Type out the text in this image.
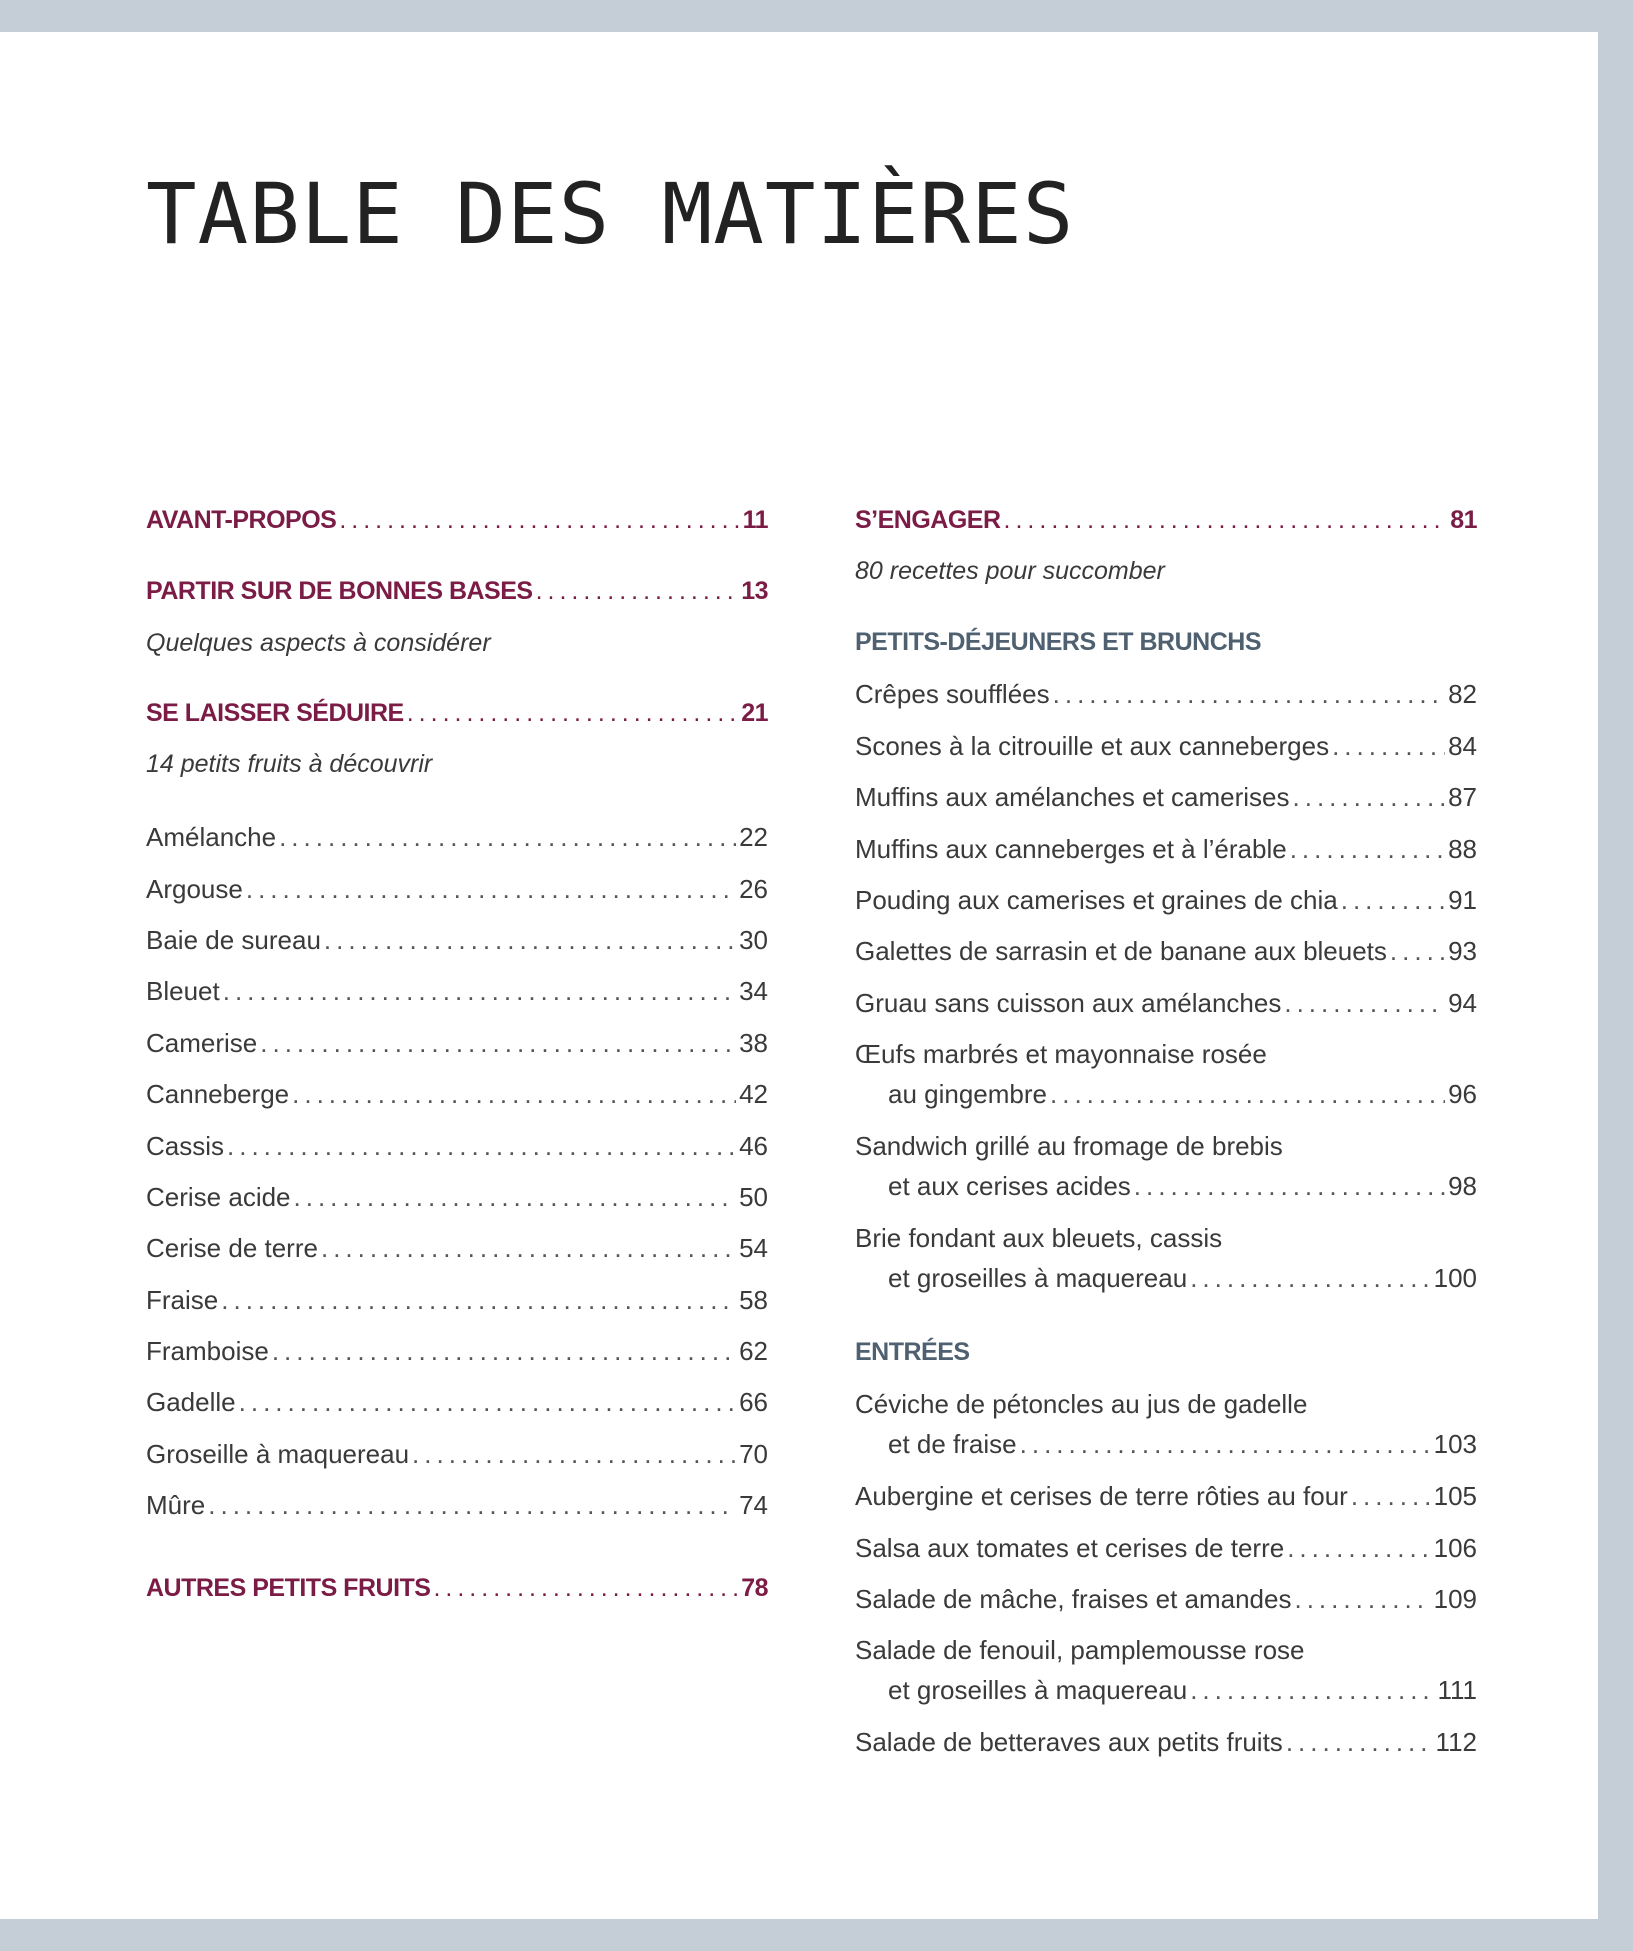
TABLE DES MATIÈRES
AVANT-PROPOS .....	11
PARTIR SUR DE BONNES BASES .....	13
Quelques aspects à considérer
SE LAISSER SÉDUIRE .....	21
14 petits fruits à découvrir
Amélanche .....	22
Argouse .....	26
Baie de sureau .....	30
Bleuet .....	34
Camerise .....	38
Canneberge .....	42
Cassis .....	46
Cerise acide .....	50
Cerise de terre .....	54
Fraise .....	58
Framboise .....	62
Gadelle .....	66
Groseille à maquereau .....	70
Mûre .....	74
AUTRES PETITS FRUITS .....	78
S’ENGAGER .....	81
80 recettes pour succomber
PETITS-DÉJEUNERS ET BRUNCHS
Crêpes soufflées .....	82
Scones à la citrouille et aux canneberges .....	84
Muffins aux amélanches et camerises .....	87
Muffins aux canneberges et à l’érable .....	88
Pouding aux camerises et graines de chia .....	91
Galettes de sarrasin et de banane aux bleuets ..... 93
Gruau sans cuisson aux amélanches .....	94
Œufs marbrés et mayonnaise rosée
au gingembre .....	96
Sandwich grillé au fromage de brebis
et aux cerises acides .....	98
Brie fondant aux bleuets, cassis
et groseilles à maquereau .....	100
ENTRÉES
Céviche de pétoncles au jus de gadelle
et de fraise .....	103
Aubergine et cerises de terre rôties au four .....	105
Salsa aux tomates et cerises de terre .....	106
Salade de mâche, fraises et amandes .....	109
Salade de fenouil, pamplemousse rose
et groseilles à maquereau .....	111
Salade de betteraves aux petits fruits .....	112
